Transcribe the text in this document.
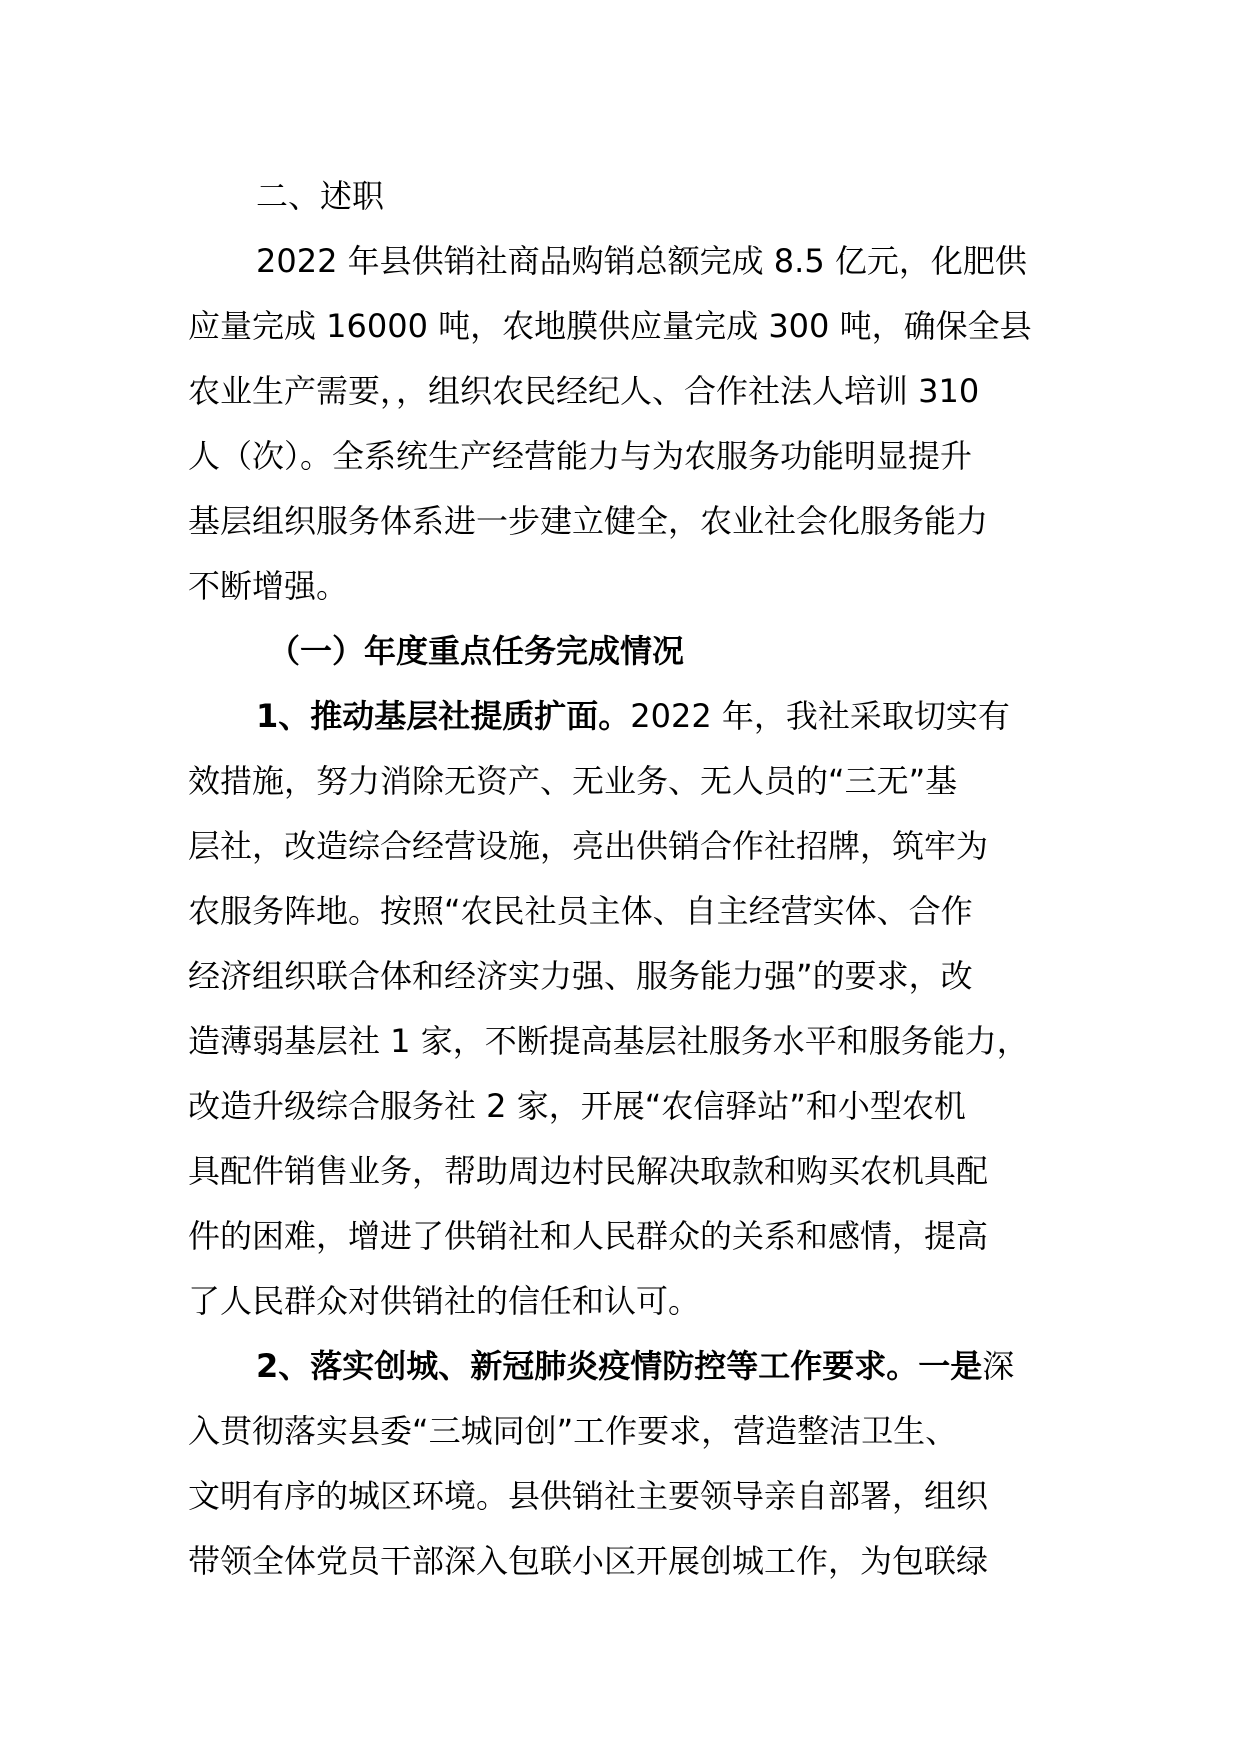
二、述职
2022 年县供销社商品购销总额完成 8.5 亿元，化肥供
应量完成 16000 吨，农地膜供应量完成 300 吨，确保全县
农业生产需要，，组织农民经纪人、合作社法人培训 310
人（次）。全系统生产经营能力与为农服务功能明显提升
基层组织服务体系进一步建立健全，农业社会化服务能力
不断增强。
（一）年度重点任务完成情况
1、推动基层社提质扩面。2022 年，我社采取切实有
效措施，努力消除无资产、无业务、无人员的“三无”基
层社，改造综合经营设施，亮出供销合作社招牌，筑牢为
农服务阵地。按照“农民社员主体、自主经营实体、合作
经济组织联合体和经济实力强、服务能力强”的要求，改
造薄弱基层社 1 家，不断提高基层社服务水平和服务能力，
改造升级综合服务社 2 家，开展“农信驿站”和小型农机
具配件销售业务，帮助周边村民解决取款和购买农机具配
件的困难，增进了供销社和人民群众的关系和感情，提高
了人民群众对供销社的信任和认可。
2、落实创城、新冠肺炎疫情防控等工作要求。一是深
入贯彻落实县委“三城同创”工作要求，营造整洁卫生、
文明有序的城区环境。县供销社主要领导亲自部署，组织
带领全体党员干部深入包联小区开展创城工作，为包联绿
